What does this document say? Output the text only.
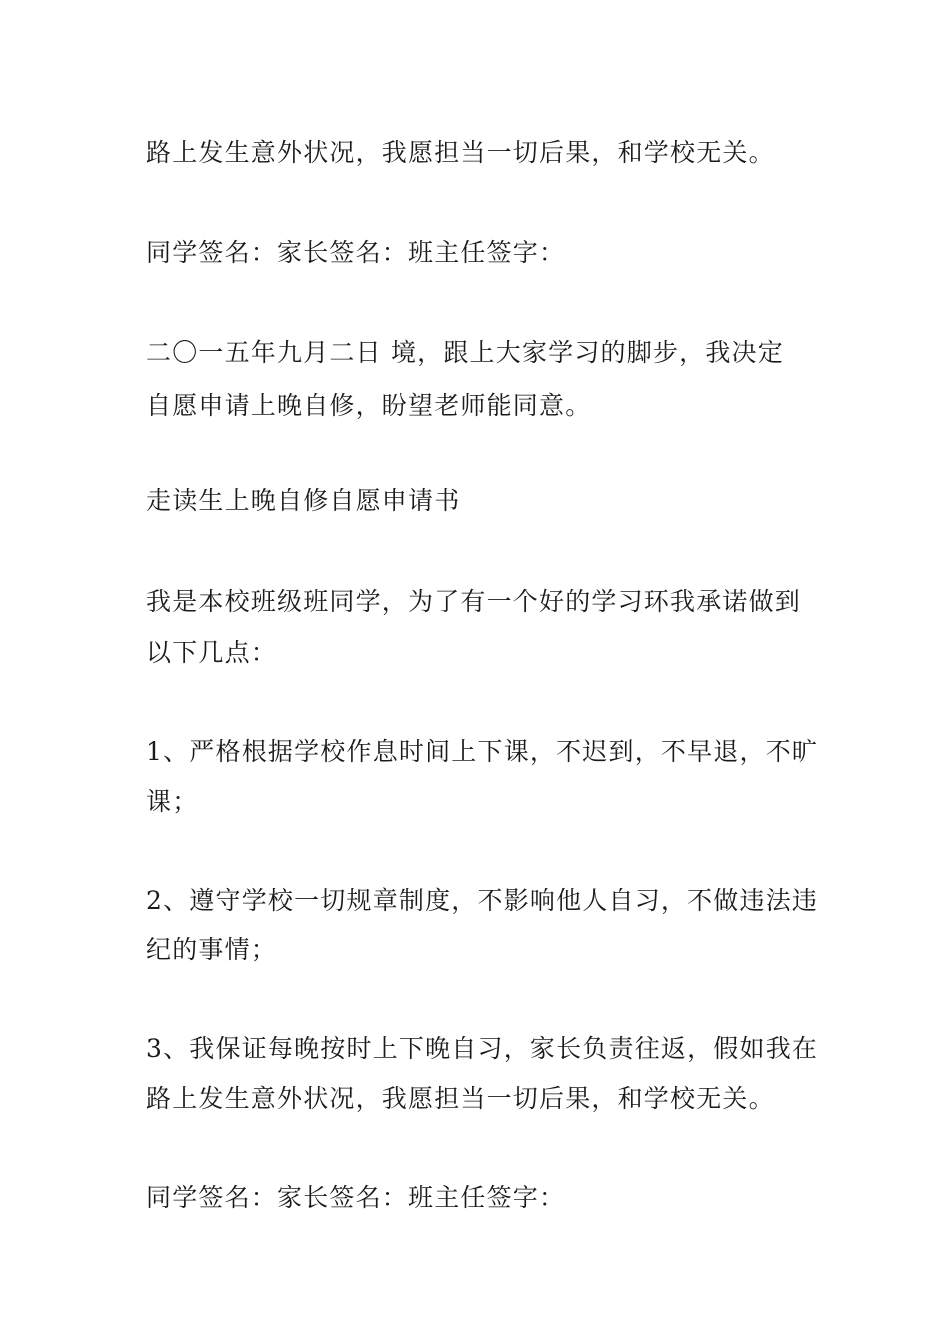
路上发生意外状况，我愿担当一切后果，和学校无关。
同学签名：家长签名：班主任签字：
二〇一五年九月二日 境，跟上大家学习的脚步，我决定
自愿申请上晚自修，盼望老师能同意。
走读生上晚自修自愿申请书
我是本校班级班同学，为了有一个好的学习环我承诺做到
以下几点：
1、严格根据学校作息时间上下课，不迟到，不早退，不旷
课；
2、遵守学校一切规章制度，不影响他人自习，不做违法违
纪的事情；
3、我保证每晚按时上下晚自习，家长负责往返，假如我在
路上发生意外状况，我愿担当一切后果，和学校无关。
同学签名：家长签名：班主任签字：
